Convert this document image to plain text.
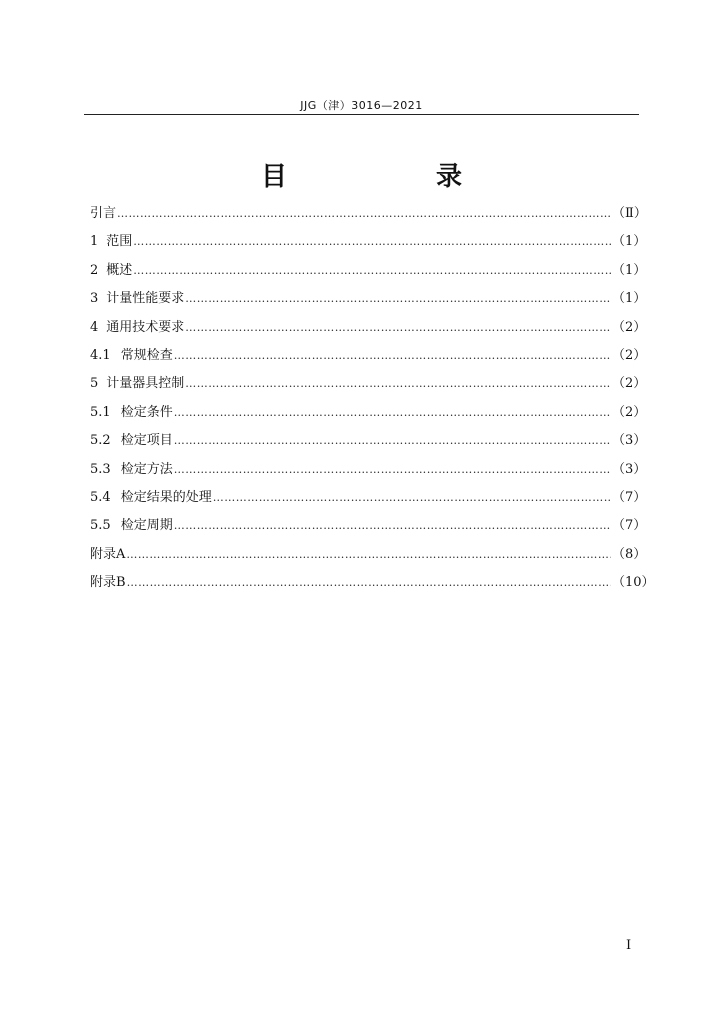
JJG（津）3016—2021
目 录
引言 ……………………………………………………………………………………………………………………………………………………………………………………………………………	（Ⅱ）
1 范围 ……………………………………………………………………………………………………………………………………………………………………………………………………………	（1）
2 概述 ……………………………………………………………………………………………………………………………………………………………………………………………………………	（1）
3 计量性能要求 ……………………………………………………………………………………………………………………………………………………………………………………………………………	（1）
4 通用技术要求 ……………………………………………………………………………………………………………………………………………………………………………………………………………	（2）
4.1 常规检查 ……………………………………………………………………………………………………………………………………………………………………………………………………………	（2）
5 计量器具控制 ……………………………………………………………………………………………………………………………………………………………………………………………………………	（2）
5.1 检定条件 ……………………………………………………………………………………………………………………………………………………………………………………………………………	（2）
5.2 检定项目 ……………………………………………………………………………………………………………………………………………………………………………………………………………	（3）
5.3 检定方法 ……………………………………………………………………………………………………………………………………………………………………………………………………………	（3）
5.4 检定结果的处理 ……………………………………………………………………………………………………………………………………………………………………………………………………………	（7）
5.5 检定周期 ……………………………………………………………………………………………………………………………………………………………………………………………………………	（7）
附录A ……………………………………………………………………………………………………………………………………………………………………………………………………………	（8）
附录B ……………………………………………………………………………………………………………………………………………………………………………………………………………	（10）
Ⅰ
